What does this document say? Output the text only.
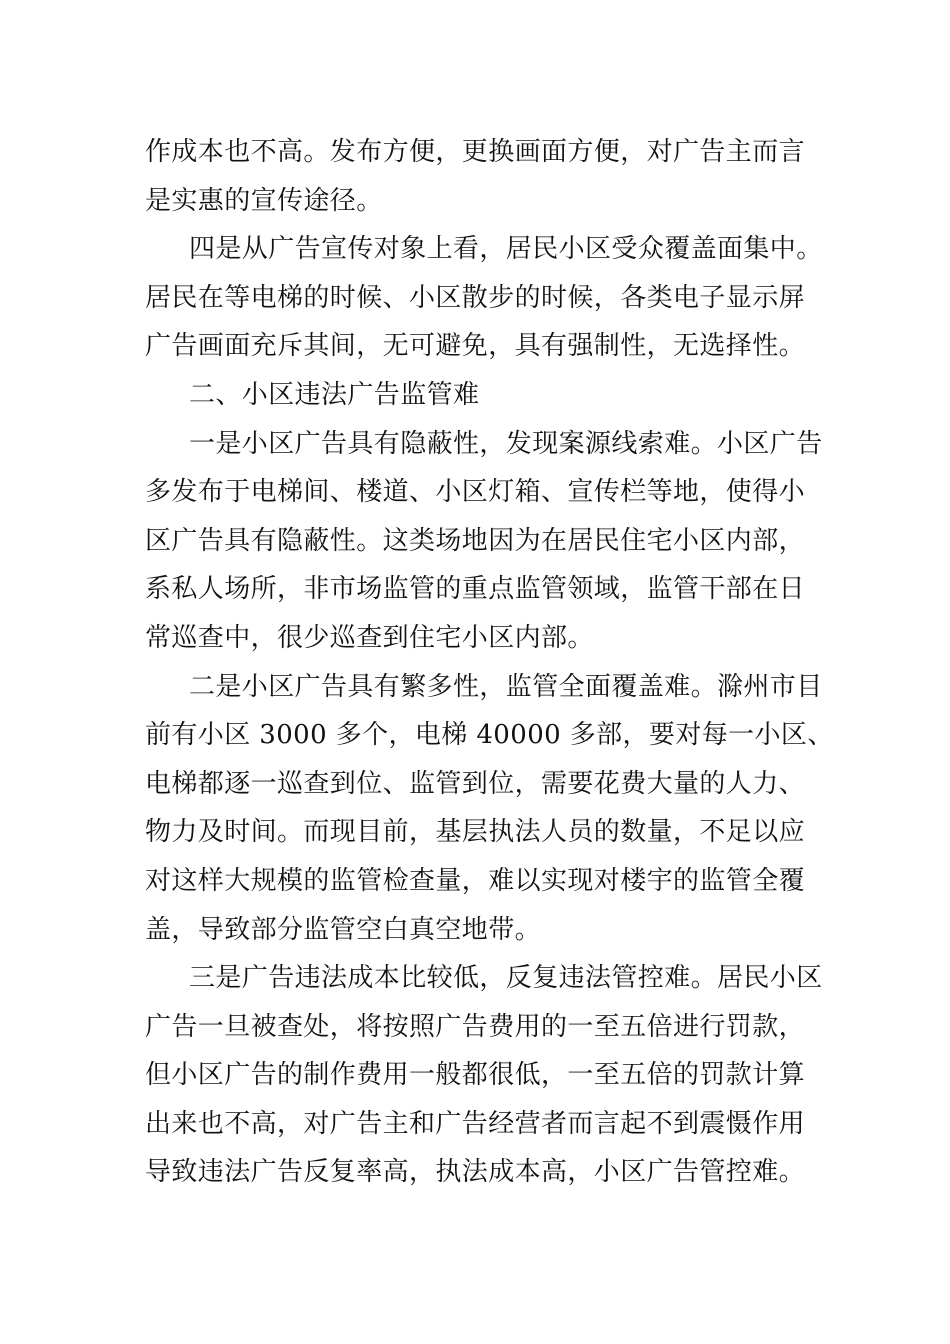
作成本也不高。发布方便，更换画面方便，对广告主而言
是实惠的宣传途径。
四是从广告宣传对象上看，居民小区受众覆盖面集中。
居民在等电梯的时候、小区散步的时候，各类电子显示屏
广告画面充斥其间，无可避免，具有强制性，无选择性。
二、小区违法广告监管难
一是小区广告具有隐蔽性，发现案源线索难。小区广告
多发布于电梯间、楼道、小区灯箱、宣传栏等地，使得小
区广告具有隐蔽性。这类场地因为在居民住宅小区内部，
系私人场所，非市场监管的重点监管领域，监管干部在日
常巡查中，很少巡查到住宅小区内部。
二是小区广告具有繁多性，监管全面覆盖难。滁州市目
前有小区 3000 多个，电梯 40000 多部，要对每一小区、
电梯都逐一巡查到位、监管到位，需要花费大量的人力、
物力及时间。而现目前，基层执法人员的数量，不足以应
对这样大规模的监管检查量，难以实现对楼宇的监管全覆
盖，导致部分监管空白真空地带。
三是广告违法成本比较低，反复违法管控难。居民小区
广告一旦被查处，将按照广告费用的一至五倍进行罚款，
但小区广告的制作费用一般都很低，一至五倍的罚款计算
出来也不高，对广告主和广告经营者而言起不到震慑作用
导致违法广告反复率高，执法成本高，小区广告管控难。
